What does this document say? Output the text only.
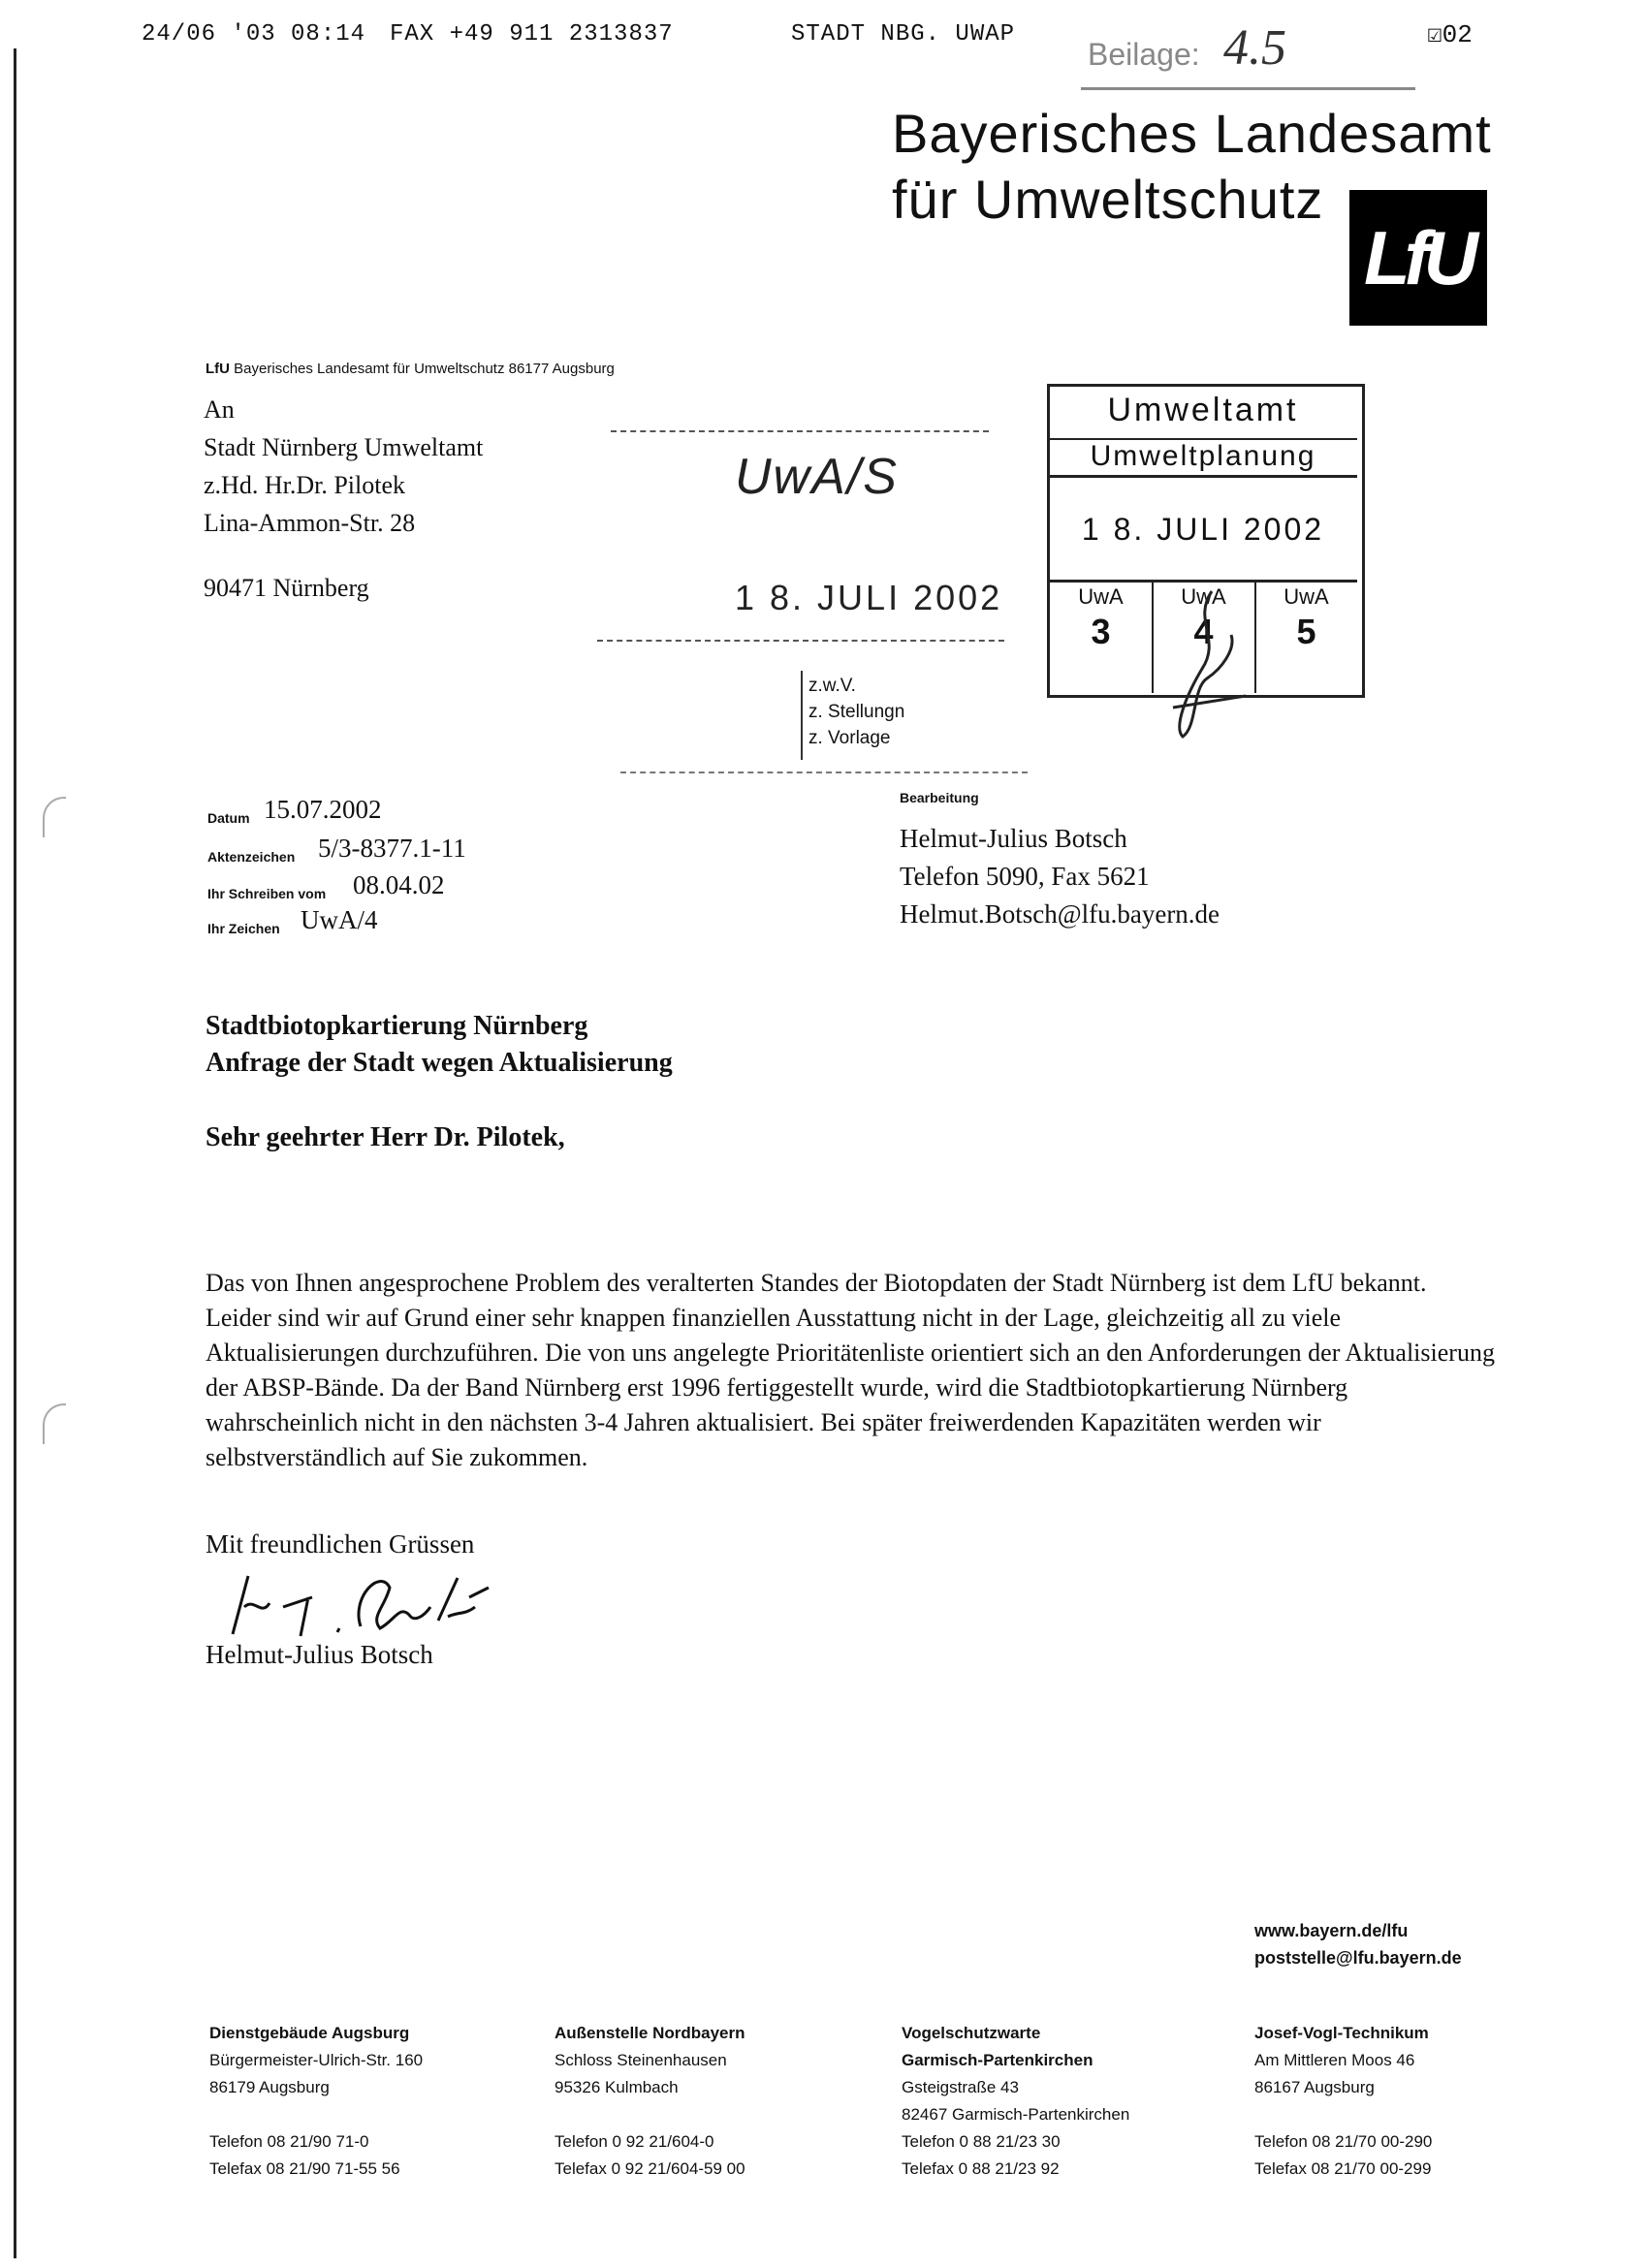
24/06 '03 08:14 FAX +49 911 2313837	STADT NBG. UWAP
Beilage: 4.5	☑02
Bayerisches Landesamt
für Umweltschutz
LfU
LfU Bayerisches Landesamt für Umweltschutz 86177 Augsburg
An
Stadt Nürnberg Umweltamt
z.Hd. Hr.Dr. Pilotek
Lina-Ammon-Str. 28
90471 Nürnberg
UwA/S
1 8. JULI 2002
z.w.V.
z. Stellungn
z. Vorlage
Umweltamt
Umweltplanung
1 8. JULI 2002
UwA
3
UwA
4
UwA
5
Datum 15.07.2002
Aktenzeichen 5/3-8377.1-11
Ihr Schreiben vom 08.04.02
Ihr Zeichen UwA/4
Bearbeitung
Helmut-Julius Botsch
Telefon 5090, Fax 5621
Helmut.Botsch@lfu.bayern.de
Stadtbiotopkartierung Nürnberg
Anfrage der Stadt wegen Aktualisierung
Sehr geehrter Herr Dr. Pilotek,
Das von Ihnen angesprochene Problem des veralterten Standes der Biotopdaten der Stadt Nürnberg ist dem LfU bekannt. Leider sind wir auf Grund einer sehr knappen finanziellen Ausstattung nicht in der Lage, gleichzeitig all zu viele Aktualisierungen durchzuführen. Die von uns angelegte Prioritätenliste orientiert sich an den Anforderungen der Aktualisierung der ABSP-Bände. Da der Band Nürnberg erst 1996 fertiggestellt wurde, wird die Stadtbiotopkartierung Nürnberg wahrscheinlich nicht in den nächsten 3-4 Jahren aktualisiert. Bei später freiwerdenden Kapazitäten werden wir selbstverständlich auf Sie zukommen.
Mit freundlichen Grüssen
Helmut-Julius Botsch
www.bayern.de/lfu
poststelle@lfu.bayern.de
Dienstgebäude Augsburg
Bürgermeister-Ulrich-Str. 160
86179 Augsburg
Telefon 08 21/90 71-0
Telefax 08 21/90 71-55 56
Außenstelle Nordbayern
Schloss Steinenhausen
95326 Kulmbach
Telefon 0 92 21/604-0
Telefax 0 92 21/604-59 00
Vogelschutzwarte
Garmisch-Partenkirchen
Gsteigstraße 43
82467 Garmisch-Partenkirchen
Telefon 0 88 21/23 30
Telefax 0 88 21/23 92
Josef-Vogl-Technikum
Am Mittleren Moos 46
86167 Augsburg
Telefon 08 21/70 00-290
Telefax 08 21/70 00-299
